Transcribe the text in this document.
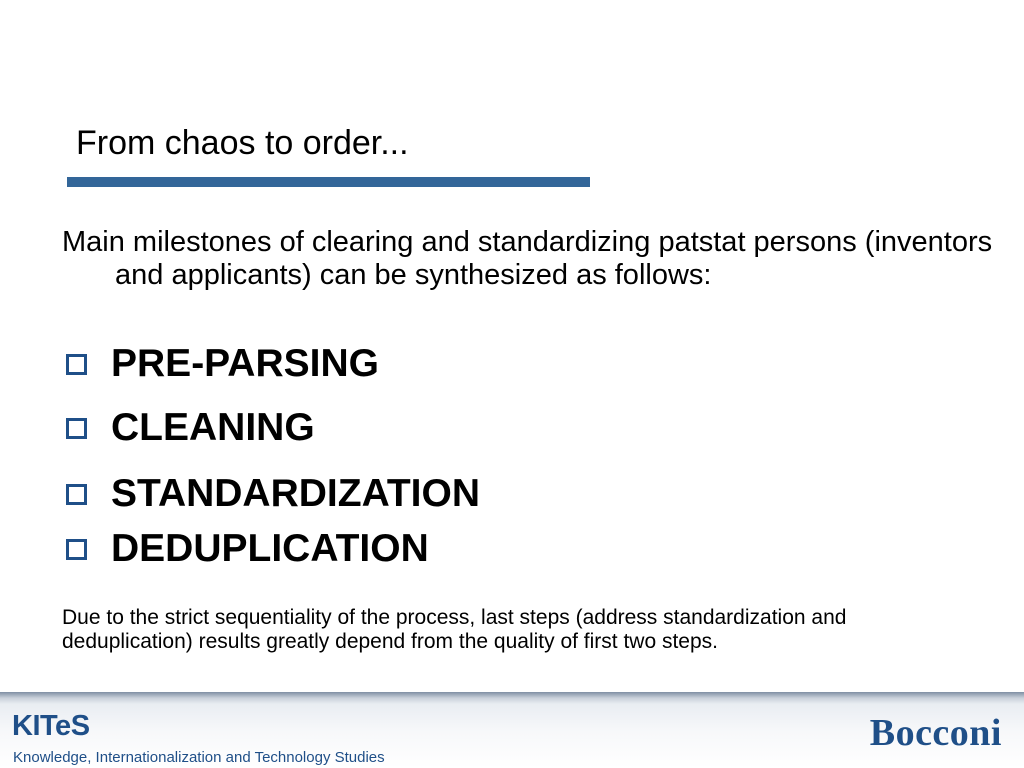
From chaos to order...

Main milestones of clearing and standardizing patstat persons (inventors and applicants) can be synthesized as follows:

PRE-PARSING
CLEANING
STANDARDIZATION
DEDUPLICATION

Due to the strict sequentiality of the process, last steps (address standardization and deduplication) results greatly depend from the quality of first two steps.

KITeS
Knowledge, Internationalization and Technology Studies
Bocconi
